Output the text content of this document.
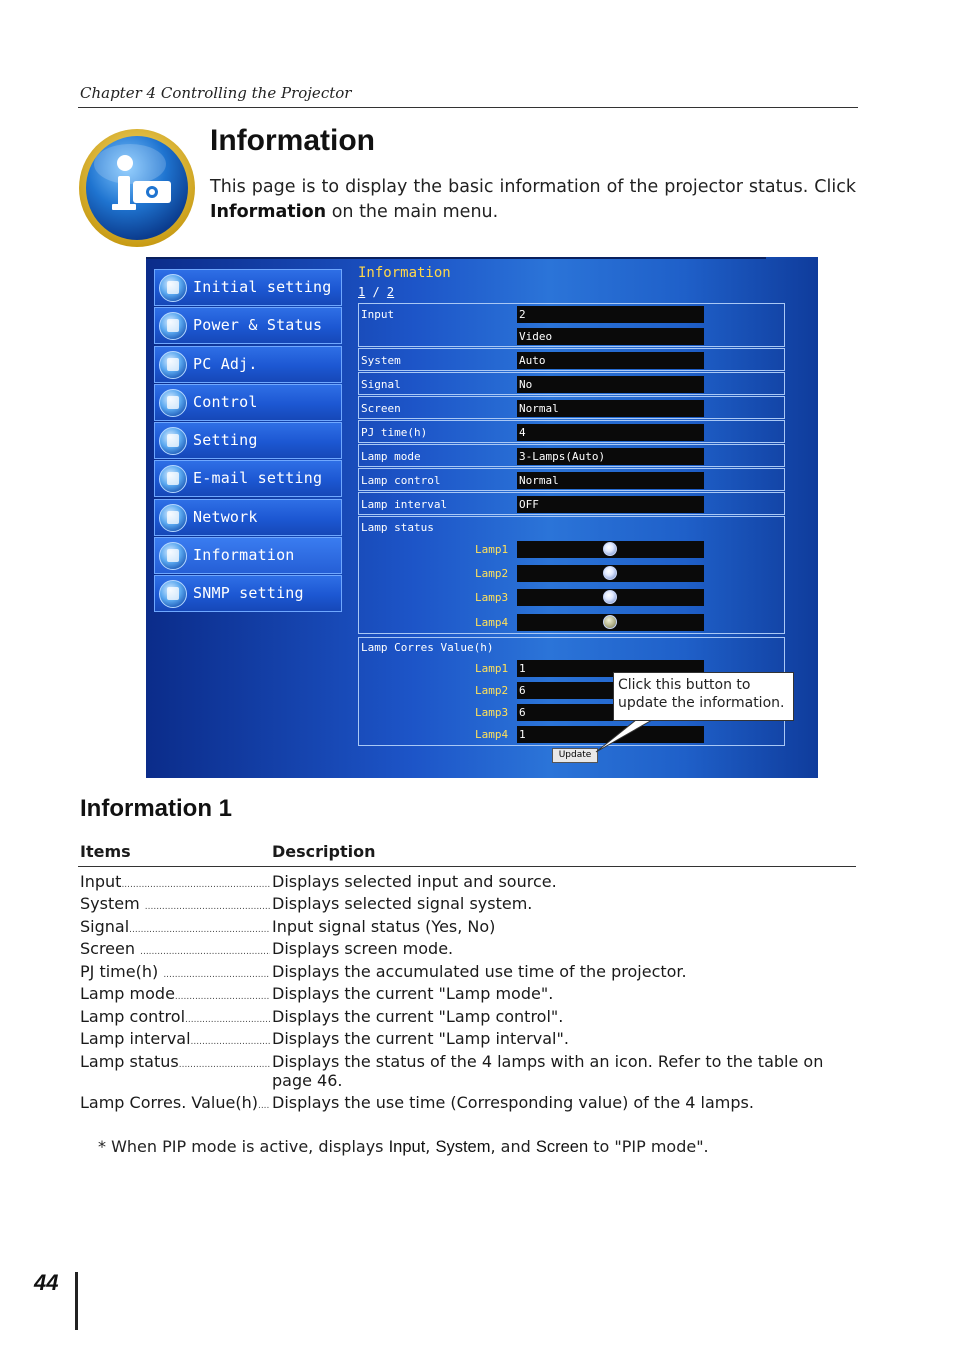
Chapter 4 Controlling the Projector
Information

This page is to display the basic information of the projector status. Click Information on the main menu.

Initial setting
Power & Status
PC Adj.
Control
Setting
E-mail setting
Network
Information
SNMP setting
Information
1 / 2
Input	2
Video
System	Auto
Signal	No
Screen	Normal
PJ time(h)	4
Lamp mode	3-Lamps(Auto)
Lamp control	Normal
Lamp interval	OFF
Lamp status
Lamp1
Lamp2
Lamp3
Lamp4
Lamp Corres Value(h)
Lamp1 1
Lamp2 6
Lamp3 6
Lamp4 1
Update
Click this button to update the information.
Information 1
Items	Description
Input .....	Displays selected input and source.
System .....	Displays selected signal system.
Signal .....	Input signal status (Yes, No)
Screen .....	Displays screen mode.
PJ time(h) .....	Displays the accumulated use time of the projector.
Lamp mode .....	Displays the current "Lamp mode".
Lamp control .....	Displays the current "Lamp control".
Lamp interval .....	Displays the current "Lamp interval".
Lamp status .....	Displays the status of the 4 lamps with an icon. Refer to the table on page 46.
Lamp Corres. Value(h) ..... Displays the use time (Corresponding value) of the 4 lamps.

* When PIP mode is active, displays Input, System, and Screen to "PIP mode".

44
